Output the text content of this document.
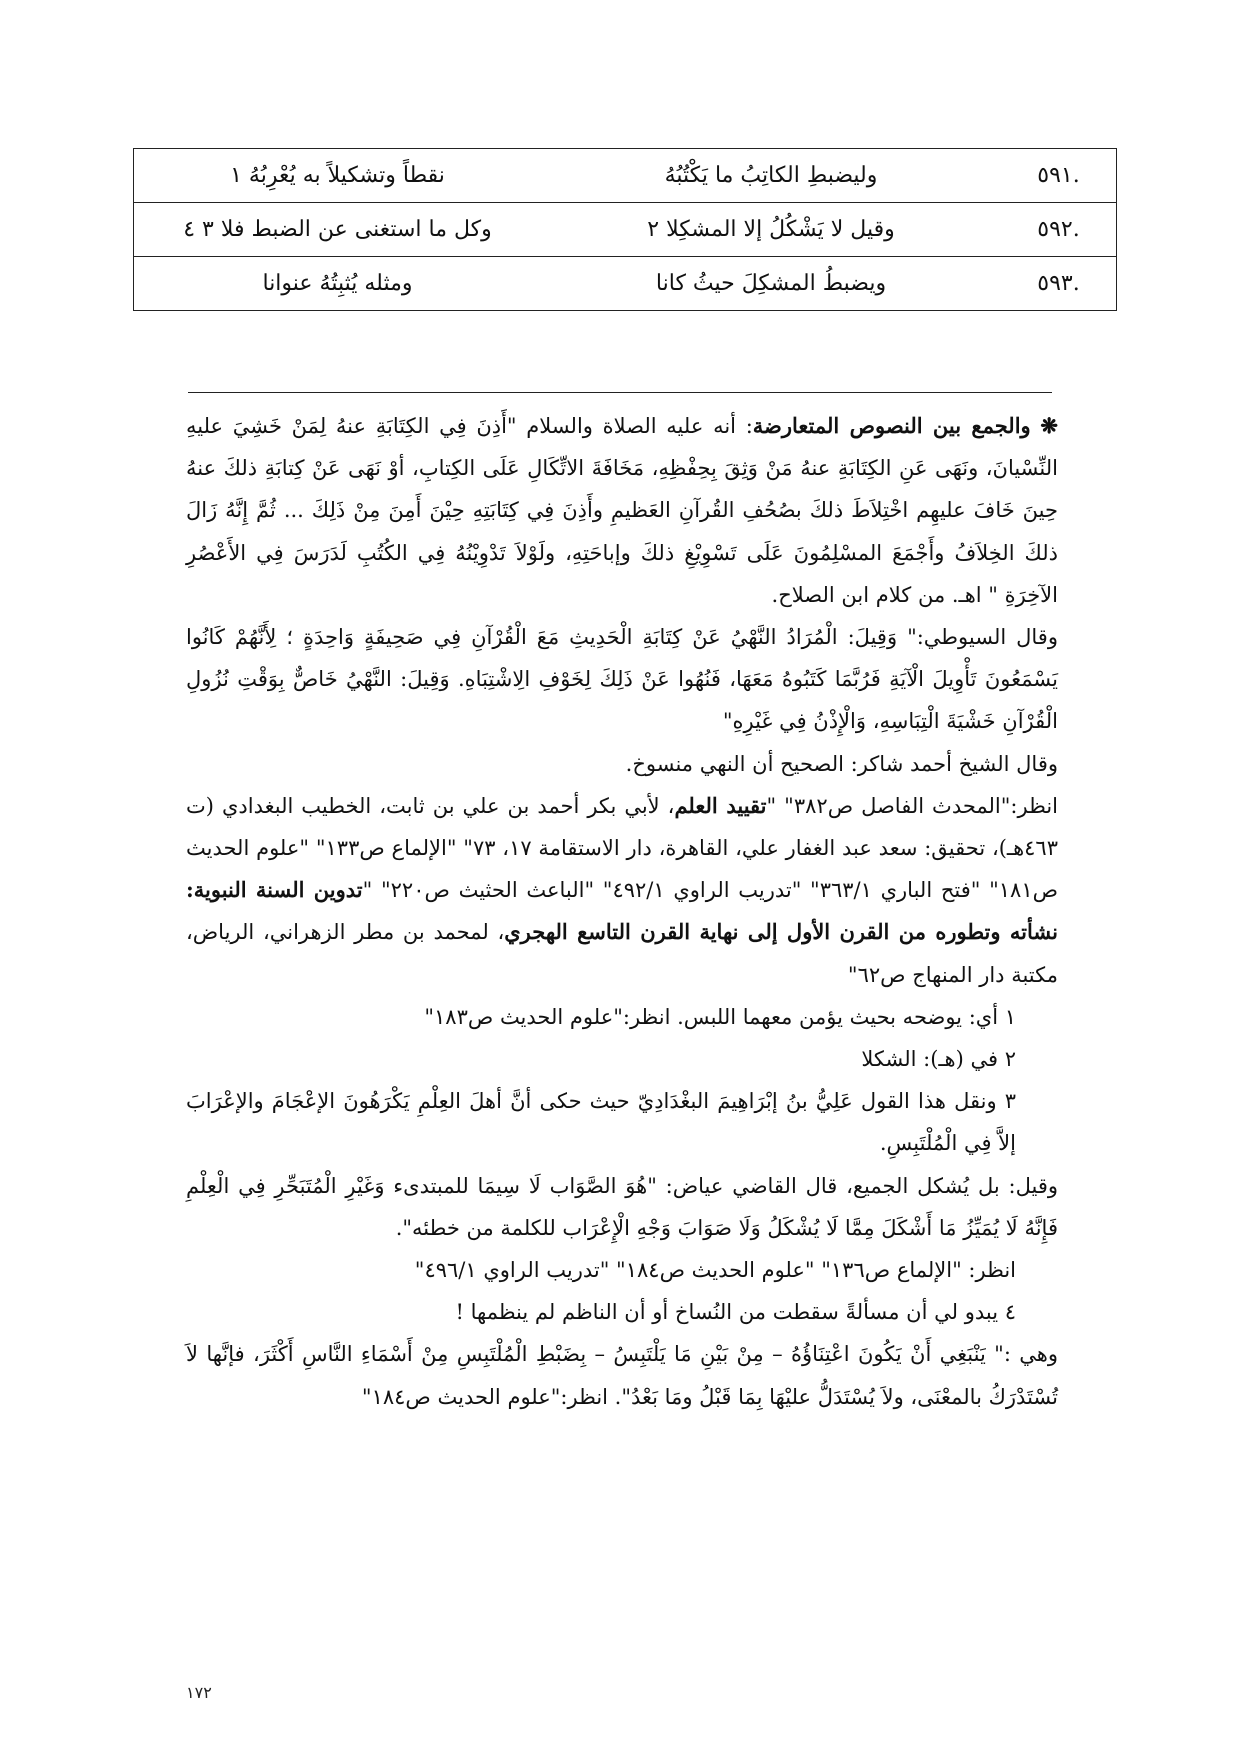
.٥٩١	وليضبطِ الكاتِبُ ما يَكْتُبُهُ	نقطاً وتشكيلاً به يُعْرِبُهُ ١
.٥٩٢	وقيل لا يَشْكُلُ إلا المشكِلا ٢	وكل ما استغنى عن الضبط فلا ٣ ٤
.٥٩٣	ويضبطُ المشكِلَ حيثُ كانا	ومثله يُثبِتُهُ عنوانا

❋ والجمع بين النصوص المتعارضة: أنه عليه الصلاة والسلام "أَذِنَ فِي الكِتَابَةِ عنهُ لِمَنْ خَشِيَ عليهِ النِّسْيانَ، ونَهَى عَنِ الكِتَابَةِ عنهُ مَنْ وَثِقَ بِحِفْظِهِ، مَخَافَةَ الاتِّكَالِ عَلَى الكِتابِ، أوْ نَهَى عَنْ كِتابَةِ ذلكَ عنهُ حِينَ خَافَ عليهِم اخْتِلاَطَ ذلكَ بصُحُفِ القُرآنِ العَظيمِ وأَذِنَ فِي كِتَابَتِهِ حِيْنَ أَمِنَ مِنْ ذَلِكَ ... ثُمَّ إِنَّهُ زَالَ ذلكَ الخِلاَفُ وأَجْمَعَ المسْلِمُونَ عَلَى تَسْوِيْغِ ذلكَ وإباحَتِهِ، ولَوْلاَ تَدْوِيْنُهُ فِي الكُتُبِ لَدَرَسَ فِي الأَعْصُرِ الآخِرَةِ " اهـ. من كلام ابن الصلاح.

وقال السيوطي:" وَقِيلَ: الْمُرَادُ النَّهْيُ عَنْ كِتَابَةِ الْحَدِيثِ مَعَ الْقُرْآنِ فِي صَحِيفَةٍ وَاحِدَةٍ ؛ لِأَنَّهُمْ كَانُوا يَسْمَعُونَ تَأْوِيلَ الْآيَةِ فَرُبَّمَا كَتَبُوهُ مَعَهَا، فَنُهُوا عَنْ ذَلِكَ لِخَوْفِ الِاشْتِبَاهِ. وَقِيلَ: النَّهْيُ خَاصٌّ بِوَقْتِ نُزُولِ الْقُرْآنِ خَشْيَةَ الْتِبَاسِهِ، وَالْإِذْنُ فِي غَيْرِهِ"

وقال الشيخ أحمد شاكر: الصحيح أن النهي منسوخ.

انظر:"المحدث الفاصل ص٣٨٢" "تقييد العلم، لأبي بكر أحمد بن علي بن ثابت، الخطيب البغدادي (ت ٤٦٣هـ)، تحقيق: سعد عبد الغفار علي، القاهرة، دار الاستقامة ١٧، ٧٣" "الإلماع ص١٣٣" "علوم الحديث ص١٨١" "فتح الباري ٣٦٣/١" "تدريب الراوي ٤٩٢/١" "الباعث الحثيث ص٢٢٠" "تدوين السنة النبوية: نشأته وتطوره من القرن الأول إلى نهاية القرن التاسع الهجري، لمحمد بن مطر الزهراني، الرياض، مكتبة دار المنهاج ص٦٢"

١ أي: يوضحه بحيث يؤمن معهما اللبس. انظر:"علوم الحديث ص١٨٣"

٢ في (هـ): الشكلا

٣ ونقل هذا القول عَلِيُّ بنُ إبْرَاهِيمَ البغْدَادِيّ حيث حكى أنَّ أهلَ العِلْمِ يَكْرَهُونَ الإعْجَامَ والإعْرَابَ إلاَّ فِي الْمُلْتَبِسِ.

وقيل: بل يُشكل الجميع، قال القاضي عياض: "هُوَ الصَّوَاب لَا سِيمَا للمبتدىء وَغَيْرِ الْمُتَبَحِّرِ فِي الْعِلْمِ فَإِنَّهُ لَا يُمَيِّزُ مَا أَشْكَلَ مِمَّا لَا يُشْكَلُ وَلَا صَوَابَ وَجْهِ الْإِعْرَاب للكلمة من خطئه".

انظر: "الإلماع ص١٣٦" "علوم الحديث ص١٨٤" "تدريب الراوي ٤٩٦/١"

٤ يبدو لي أن مسألةً سقطت من النُساخ أو أن الناظم لم ينظمها !

وهي :" يَنْبَغِي أَنْ يَكُونَ اعْتِنَاؤُهُ – مِنْ بَيْنِ مَا يَلْتَبِسُ – بِضَبْطِ الْمُلْتَبِسِ مِنْ أَسْمَاءِ النَّاسِ أَكْثَرَ، فإنَّها لاَ تُسْتَدْرَكُ بالمعْنَى، ولاَ يُسْتَدَلُّ عليْهَا بِمَا قَبْلُ ومَا بَعْدُ". انظر:"علوم الحديث ص١٨٤"

١٧٢
